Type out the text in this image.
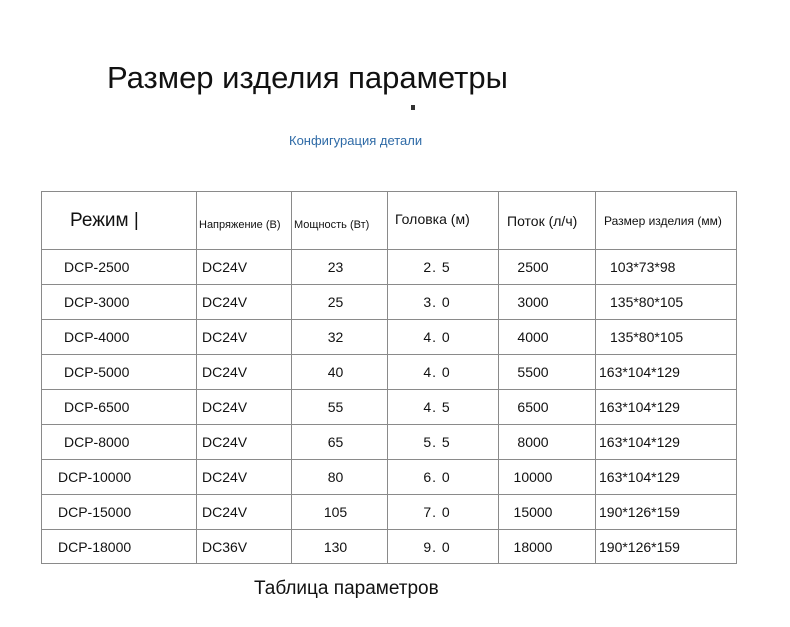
Размер изделия параметры
Конфигурация детали
Режим |	Напряжение (В)	Мощность (Вт)	Головка (м)	Поток (л/ч)	Размер изделия (мм)
DCP-2500	DC24V	23	2. 5	2500	103*73*98
DCP-3000	DC24V	25	3. 0	3000	135*80*105
DCP-4000	DC24V	32	4. 0	4000	135*80*105
DCP-5000	DC24V	40	4. 0	5500	163*104*129
DCP-6500	DC24V	55	4. 5	6500	163*104*129
DCP-8000	DC24V	65	5. 5	8000	163*104*129
DCP-10000	DC24V	80	6. 0	10000	163*104*129
DCP-15000	DC24V	105	7. 0	15000	190*126*159
DCP-18000	DC36V	130	9. 0	18000	190*126*159
Таблица параметров
